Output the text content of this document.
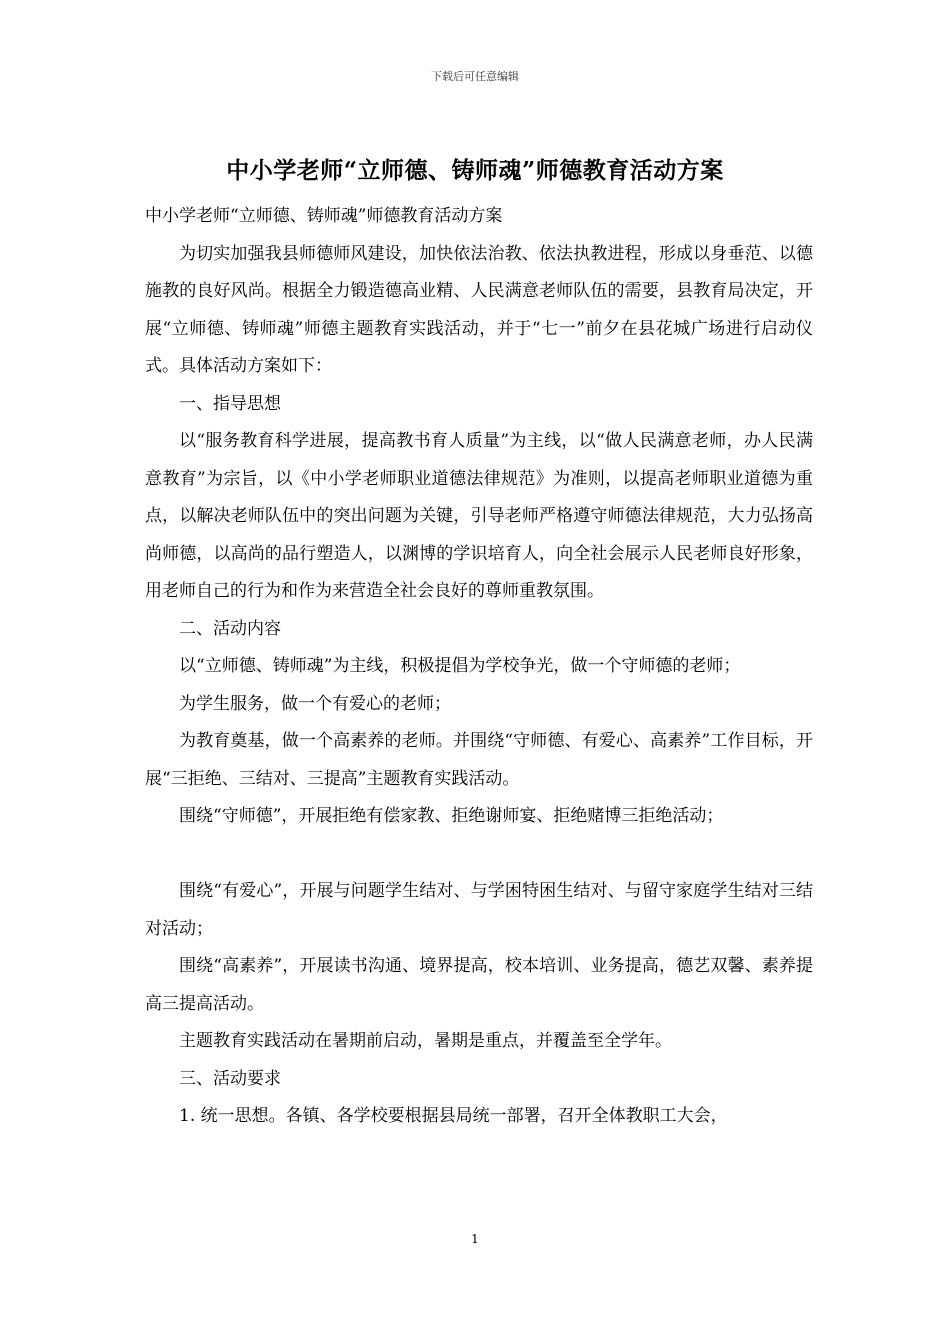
下载后可任意编辑
中小学老师“立师德、铸师魂”师德教育活动方案

中小学老师“立师德、铸师魂”师德教育活动方案

为切实加强我县师德师风建设，加快依法治教、依法执教进程，形成以身垂范、以德施教的良好风尚。根据全力锻造德高业精、人民满意老师队伍的需要，县教育局决定，开展“立师德、铸师魂”师德主题教育实践活动，并于“七一”前夕在县花城广场进行启动仪式。具体活动方案如下：

一、指导思想

以“服务教育科学进展，提高教书育人质量”为主线，以“做人民满意老师，办人民满意教育”为宗旨，以《中小学老师职业道德法律规范》为准则，以提高老师职业道德为重点，以解决老师队伍中的突出问题为关键，引导老师严格遵守师德法律规范，大力弘扬高尚师德，以高尚的品行塑造人，以渊博的学识培育人，向全社会展示人民老师良好形象，用老师自己的行为和作为来营造全社会良好的尊师重教氛围。

二、活动内容

以“立师德、铸师魂”为主线，积极提倡为学校争光，做一个守师德的老师；

为学生服务，做一个有爱心的老师；

为教育奠基，做一个高素养的老师。并围绕“守师德、有爱心、高素养”工作目标，开展“三拒绝、三结对、三提高”主题教育实践活动。

围绕“守师德”，开展拒绝有偿家教、拒绝谢师宴、拒绝赌博三拒绝活动；

围绕“有爱心”，开展与问题学生结对、与学困特困生结对、与留守家庭学生结对三结对活动；

围绕“高素养”，开展读书沟通、境界提高，校本培训、业务提高，德艺双馨、素养提高三提高活动。

主题教育实践活动在暑期前启动，暑期是重点，并覆盖至全学年。

三、活动要求

1. 统一思想。各镇、各学校要根据县局统一部署，召开全体教职工大会，

1
